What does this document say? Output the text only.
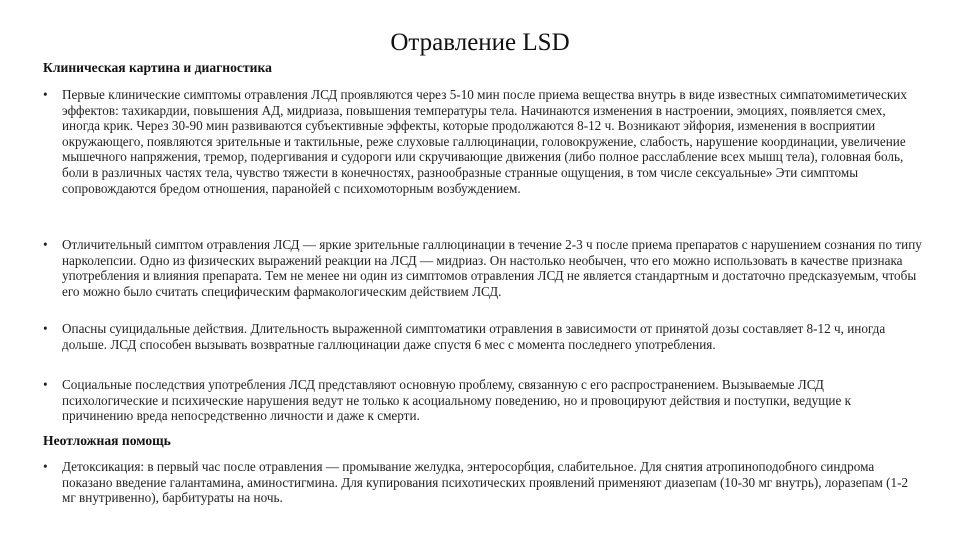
Отравление LSD
Клиническая картина и диагностика
•	Первые клинические симптомы отравления ЛСД проявляются через 5-10 мин после приема вещества внутрь в виде известных симпатомиметических эффектов: тахикардии, повышения АД, мидриаза, повышения температуры тела. Начинаются изменения в настроении, эмоциях, появляется смех, иногда крик. Через 30-90 мин развиваются субъективные эффекты, которые продолжаются 8-12 ч. Возникают эйфория, изменения в восприятии окружающего, появляются зрительные и тактильные, реже слуховые галлюцинации, головокружение, слабость, нарушение координации, увеличение мышечного напряжения, тремор, подергивания и судороги или скручивающие движения (либо полное расслабление всех мышц тела), головная боль, боли в различных частях тела, чувство тяжести в конечностях, разнообразные странные ощущения, в том числе сексуальные» Эти симптомы сопровождаются бредом отношения, паранойей с психомоторным возбуждением.
•	Отличительный симптом отравления ЛСД — яркие зрительные галлюцинации в течение 2-3 ч после приема препаратов с нарушением сознания по типу нарколепсии. Одно из физических выражений реакции на ЛСД — мидриаз. Он настолько необычен, что его можно использовать в качестве признака употребления и влияния препарата. Тем не менее ни один из симптомов отравления ЛСД не является стандартным и достаточно предсказуемым, чтобы его можно было считать специфическим фармакологическим действием ЛСД.
•	Опасны суицидальные действия. Длительность выраженной симптоматики отравления в зависимости от принятой дозы составляет 8-12 ч, иногда дольше. ЛСД способен вызывать возвратные галлюцинации даже спустя 6 мес с момента последнего употребления.
•	Социальные последствия употребления ЛСД представляют основную проблему, связанную с его распространением. Вызываемые ЛСД психологические и психические нарушения ведут не только к асоциальному поведению, но и провоцируют действия и поступки, ведущие к причинению вреда непосредственно личности и даже к смерти.
Неотложная помощь
•	Детоксикация: в первый час после отравления — промывание желудка, энтеросорбция, слабительное. Для снятия атропиноподобного синдрома показано введение галантамина, аминостигмина. Для купирования психотических проявлений применяют диазепам (10-30 мг внутрь), лоразепам (1-2 мг внутривенно), барбитураты на ночь.
